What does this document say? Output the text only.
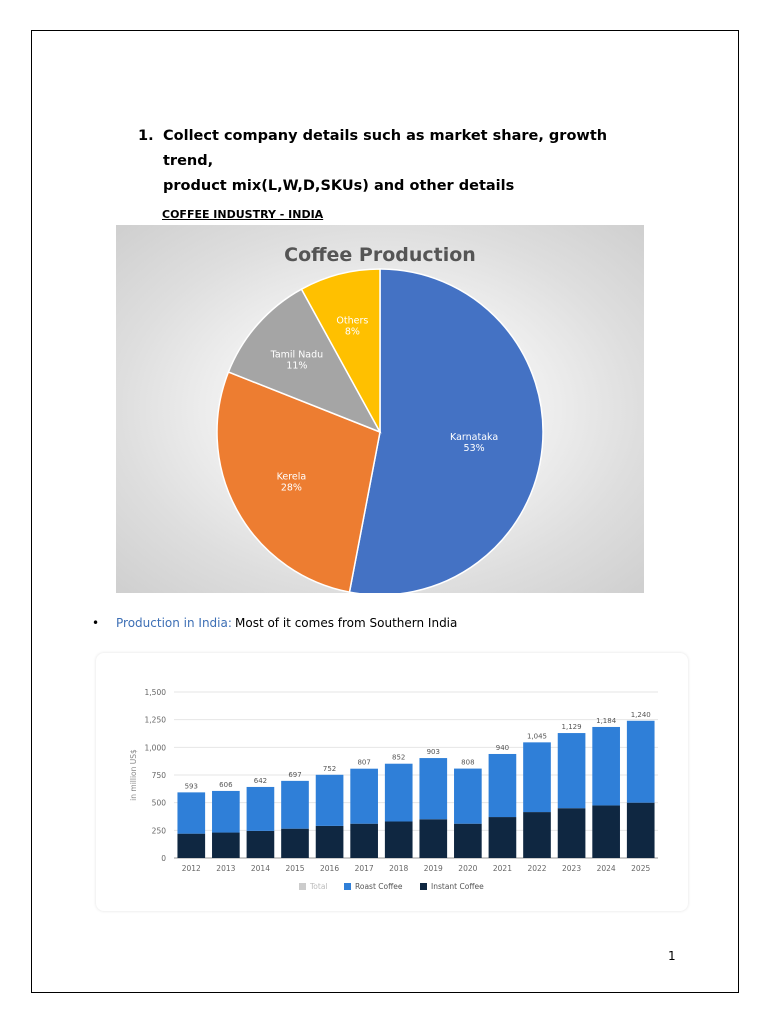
1. Collect company details such as market share, growth trend,
product mix(L,W,D,SKUs) and other details
COFFEE INDUSTRY - INDIA
Coffee Production
Karnataka
53%
Kerela
28%
Tamil Nadu
11%
Others
8%
• Production in India: Most of it comes from Southern India
0
250
500
750
1,000
1,250
1,500
in million US$	593
2012
606
2013
642
2014
697
2015
752
2016
807
2017
852
2018
903
2019
808
2020
940
2021
1,045
2022
1,129
2023
1,184
2024
1,240
2025
Total	Roast Coffee	Instant Coffee
1
